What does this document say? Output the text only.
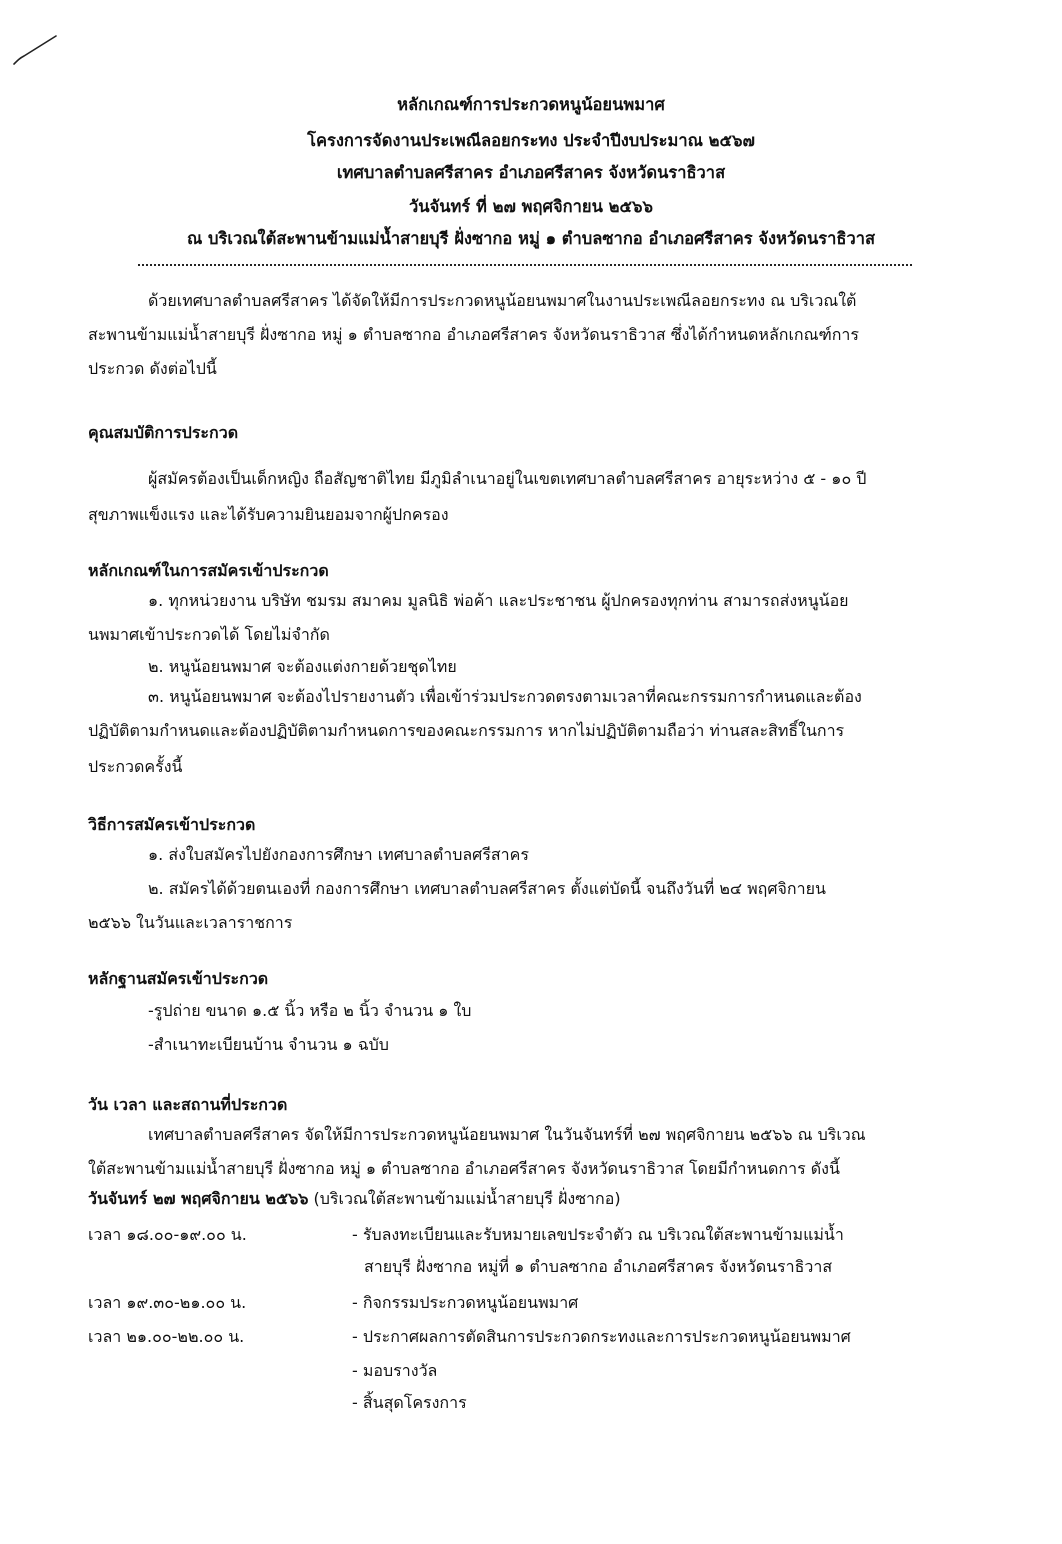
หลักเกณฑ์การประกวดหนูน้อยนพมาศ
โครงการจัดงานประเพณีลอยกระทง ประจำปีงบประมาณ ๒๕๖๗
เทศบาลตำบลศรีสาคร อำเภอศรีสาคร จังหวัดนราธิวาส
วันจันทร์ ที่ ๒๗ พฤศจิกายน ๒๕๖๖
ณ บริเวณใต้สะพานข้ามแม่น้ำสายบุรี ฝั่งซากอ หมู่ ๑ ตำบลซากอ อำเภอศรีสาคร จังหวัดนราธิวาส
ด้วยเทศบาลตำบลศรีสาคร ได้จัดให้มีการประกวดหนูน้อยนพมาศในงานประเพณีลอยกระทง ณ บริเวณใต้
สะพานข้ามแม่น้ำสายบุรี ฝั่งซากอ หมู่ ๑ ตำบลซากอ อำเภอศรีสาคร จังหวัดนราธิวาส ซึ่งได้กำหนดหลักเกณฑ์การ
ประกวด ดังต่อไปนี้
คุณสมบัติการประกวด
ผู้สมัครต้องเป็นเด็กหญิง ถือสัญชาติไทย มีภูมิลำเนาอยู่ในเขตเทศบาลตำบลศรีสาคร อายุระหว่าง ๕ - ๑๐ ปี
สุขภาพแข็งแรง และได้รับความยินยอมจากผู้ปกครอง
หลักเกณฑ์ในการสมัครเข้าประกวด
๑. ทุกหน่วยงาน บริษัท ชมรม สมาคม มูลนิธิ พ่อค้า และประชาชน ผู้ปกครองทุกท่าน สามารถส่งหนูน้อย
นพมาศเข้าประกวดได้ โดยไม่จำกัด
๒. หนูน้อยนพมาศ จะต้องแต่งกายด้วยชุดไทย
๓. หนูน้อยนพมาศ จะต้องไปรายงานตัว เพื่อเข้าร่วมประกวดตรงตามเวลาที่คณะกรรมการกำหนดและต้อง
ปฏิบัติตามกำหนดและต้องปฏิบัติตามกำหนดการของคณะกรรมการ หากไม่ปฏิบัติตามถือว่า ท่านสละสิทธิ์ในการ
ประกวดครั้งนี้
วิธีการสมัครเข้าประกวด
๑. ส่งใบสมัครไปยังกองการศึกษา เทศบาลตำบลศรีสาคร
๒. สมัครได้ด้วยตนเองที่ กองการศึกษา เทศบาลตำบลศรีสาคร ตั้งแต่บัดนี้ จนถึงวันที่ ๒๔ พฤศจิกายน
๒๕๖๖ ในวันและเวลาราชการ
หลักฐานสมัครเข้าประกวด
-รูปถ่าย ขนาด ๑.๕ นิ้ว หรือ ๒ นิ้ว จำนวน ๑ ใบ
-สำเนาทะเบียนบ้าน จำนวน ๑ ฉบับ
วัน เวลา และสถานที่ประกวด
เทศบาลตำบลศรีสาคร จัดให้มีการประกวดหนูน้อยนพมาศ ในวันจันทร์ที่ ๒๗ พฤศจิกายน ๒๕๖๖ ณ บริเวณ
ใต้สะพานข้ามแม่น้ำสายบุรี ฝั่งซากอ หมู่ ๑ ตำบลซากอ อำเภอศรีสาคร จังหวัดนราธิวาส โดยมีกำหนดการ ดังนี้
วันจันทร์ ๒๗ พฤศจิกายน ๒๕๖๖ (บริเวณใต้สะพานข้ามแม่น้ำสายบุรี ฝั่งซากอ)
เวลา ๑๘.๐๐-๑๙.๐๐ น.	- รับลงทะเบียนและรับหมายเลขประจำตัว ณ บริเวณใต้สะพานข้ามแม่น้ำ
สายบุรี ฝั่งซากอ หมู่ที่ ๑ ตำบลซากอ อำเภอศรีสาคร จังหวัดนราธิวาส
เวลา ๑๙.๓๐-๒๑.๐๐ น.	- กิจกรรมประกวดหนูน้อยนพมาศ
เวลา ๒๑.๐๐-๒๒.๐๐ น.	- ประกาศผลการตัดสินการประกวดกระทงและการประกวดหนูน้อยนพมาศ
- มอบรางวัล
- สิ้นสุดโครงการ
